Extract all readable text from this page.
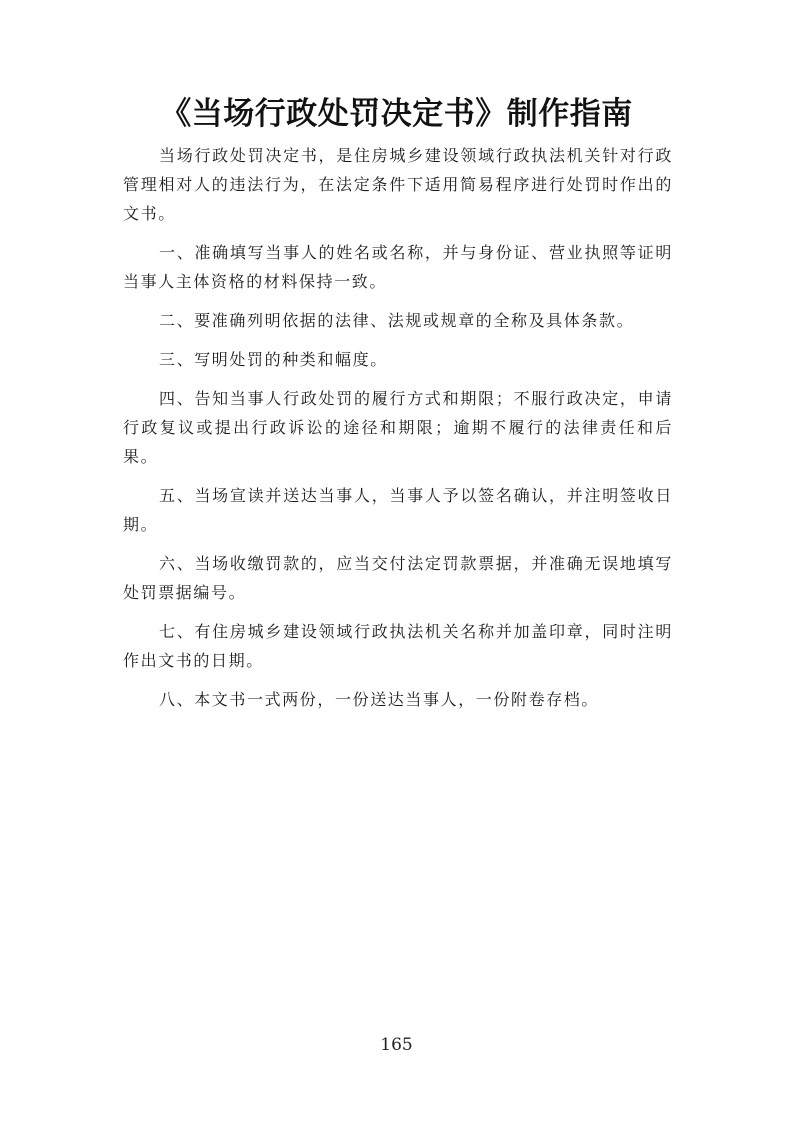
《当场行政处罚决定书》制作指南

当场行政处罚决定书，是住房城乡建设领域行政执法机关针对行政管理相对人的违法行为，在法定条件下适用简易程序进行处罚时作出的文书。

一、准确填写当事人的姓名或名称，并与身份证、营业执照等证明当事人主体资格的材料保持一致。

二、要准确列明依据的法律、法规或规章的全称及具体条款。

三、写明处罚的种类和幅度。

四、告知当事人行政处罚的履行方式和期限；不服行政决定，申请行政复议或提出行政诉讼的途径和期限；逾期不履行的法律责任和后果。

五、当场宣读并送达当事人，当事人予以签名确认，并注明签收日期。

六、当场收缴罚款的，应当交付法定罚款票据，并准确无误地填写处罚票据编号。

七、有住房城乡建设领域行政执法机关名称并加盖印章，同时注明作出文书的日期。

八、本文书一式两份，一份送达当事人，一份附卷存档。

165
